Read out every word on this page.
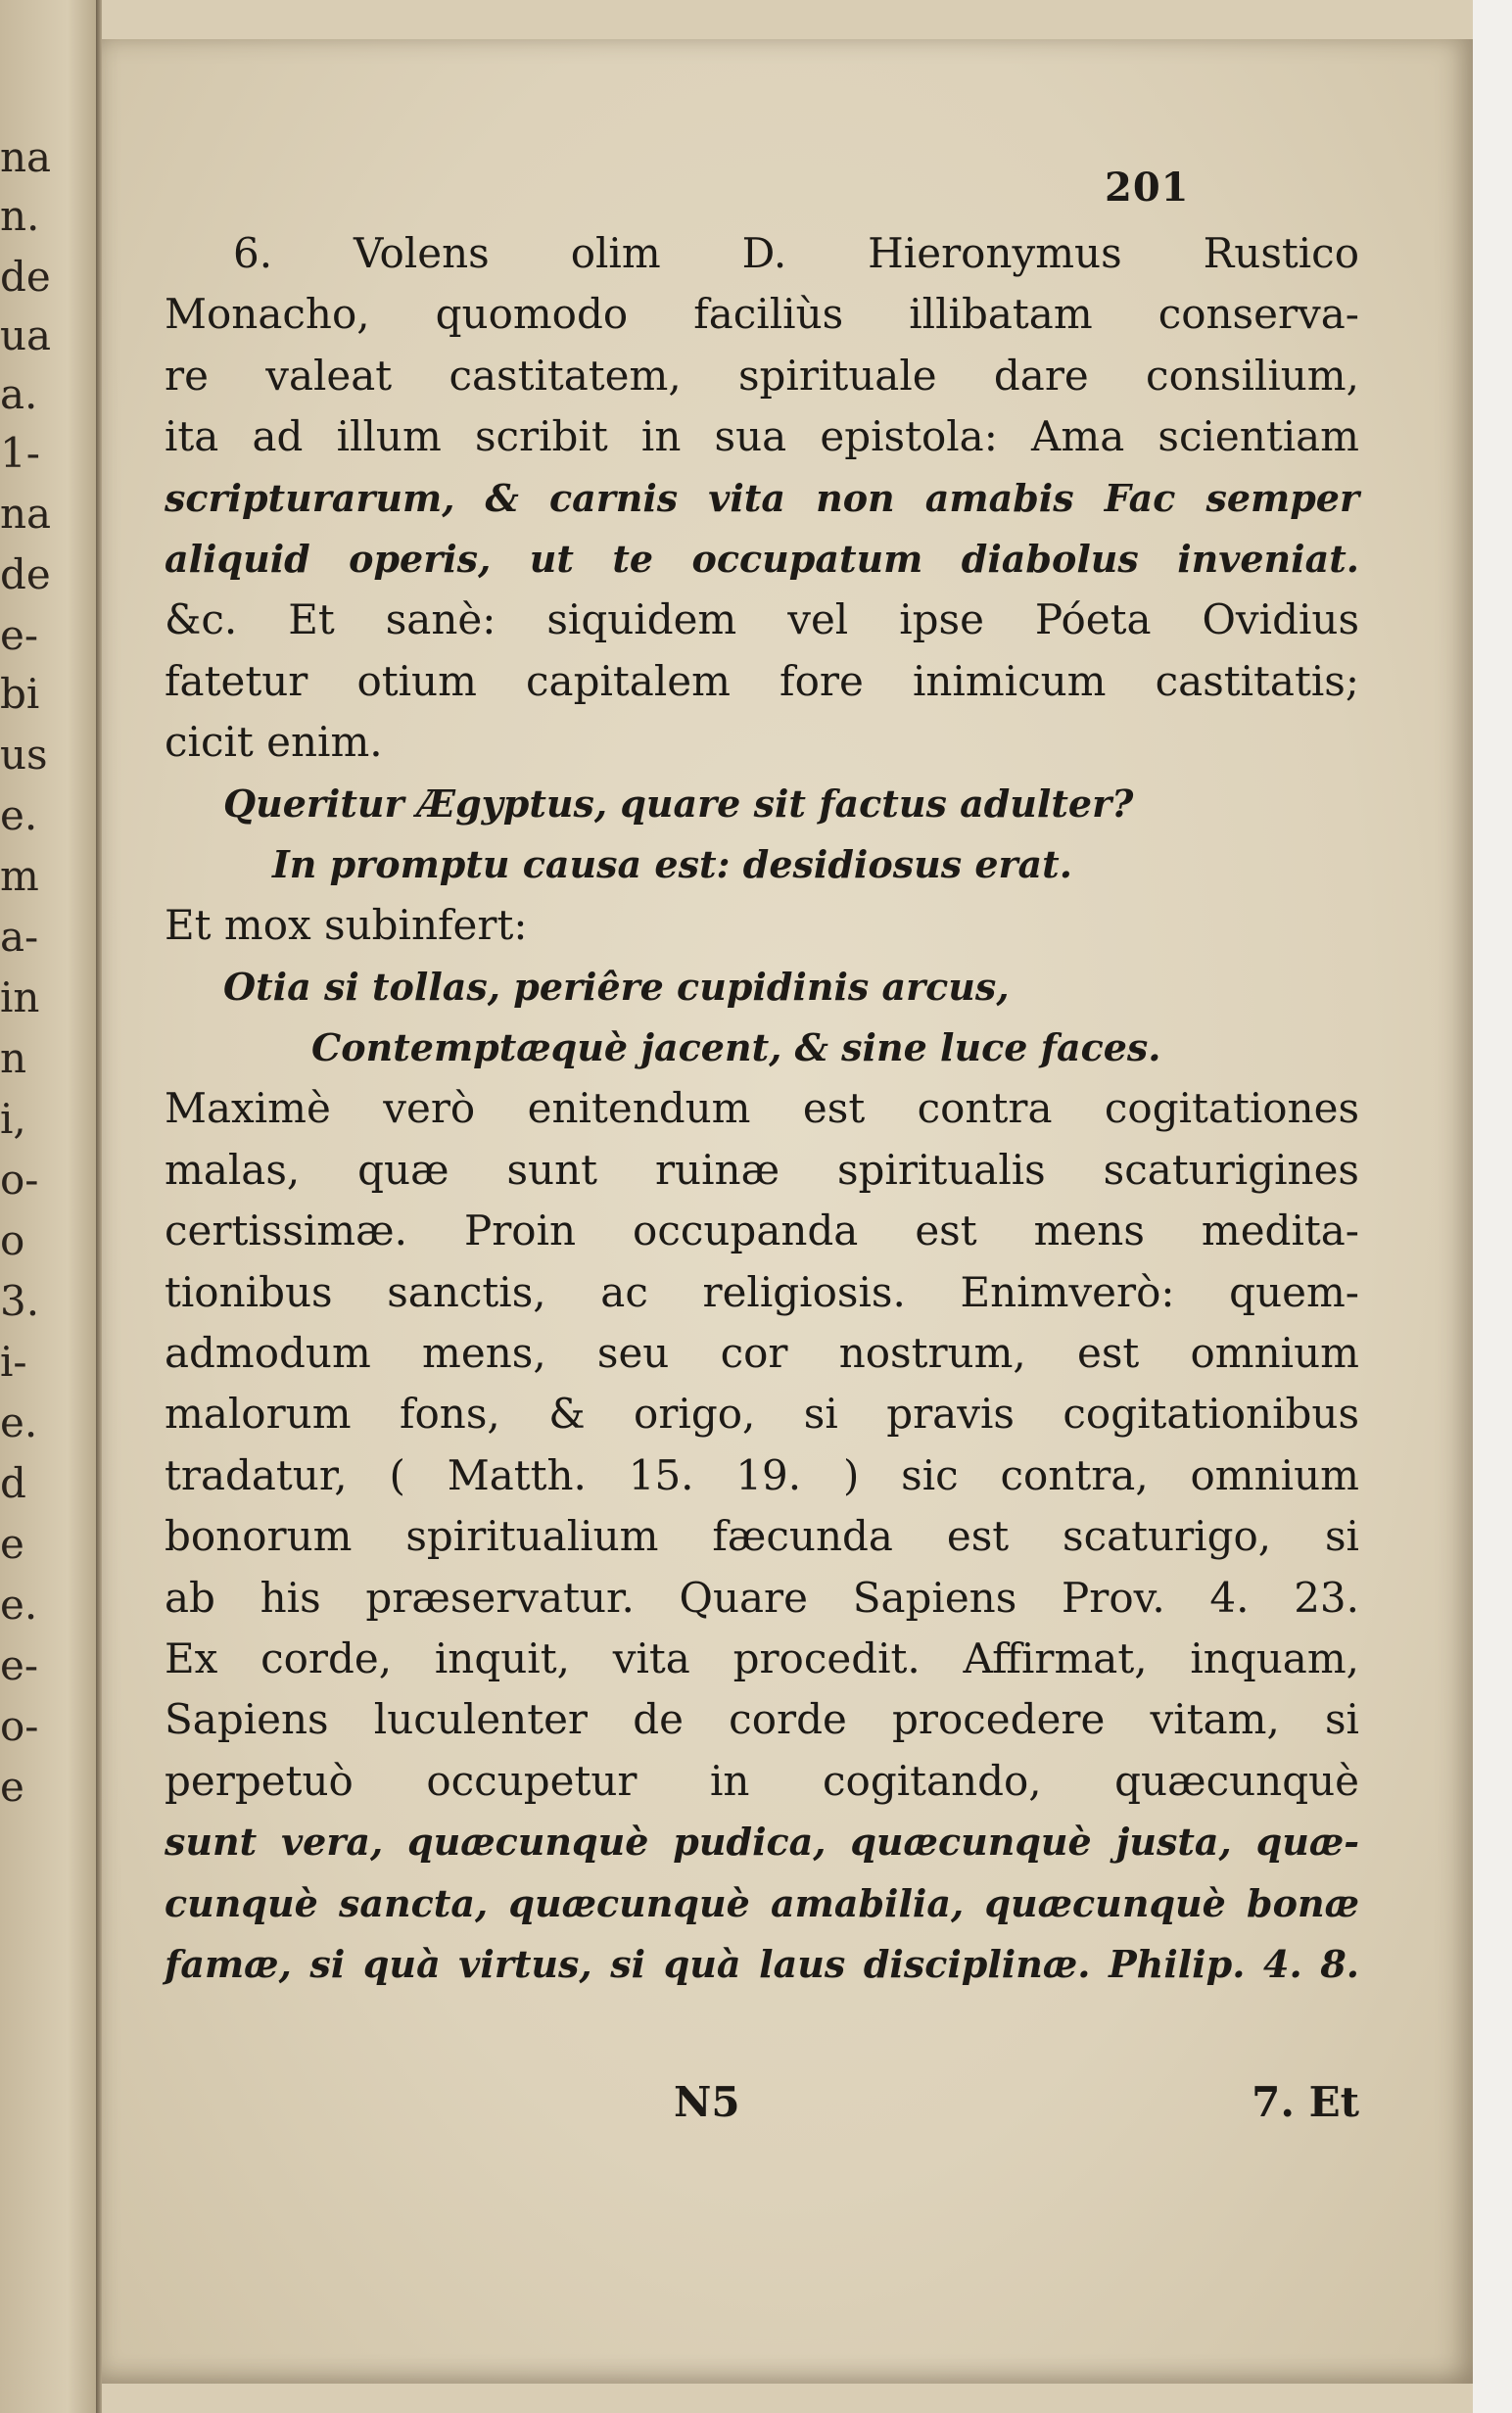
na
n.
de
ua
a.
1-
na
de
e-
bi
us
e.
m
a-
in
n
i,
o-
o
3.
i-
e.
d
e
e.
e-
o-
e
201
6. Volens olim D. Hieronymus Rustico
Monacho, quomodo faciliùs illibatam conserva-
re valeat castitatem, spirituale dare consilium,
ita ad illum scribit in sua epistola: Ama scientiam
scripturarum, & carnis vita non amabis Fac semper
aliquid operis, ut te occupatum diabolus inveniat.
&c. Et sanè: siquidem vel ipse Póeta Ovidius
fatetur otium capitalem fore inimicum castitatis;
cicit enim.
Queritur Ægyptus, quare sit factus adulter?
In promptu causa est: desidiosus erat.
Et mox subinfert:
Otia si tollas, periêre cupidinis arcus,
Contemptæquè jacent, & sine luce faces.
Maximè verò enitendum est contra cogitationes
malas, quæ sunt ruinæ spiritualis scaturigines
certissimæ. Proin occupanda est mens medita-
tionibus sanctis, ac religiosis. Enimverò: quem-
admodum mens, seu cor nostrum, est omnium
malorum fons, & origo, si pravis cogitationibus
tradatur, ( Matth. 15. 19. ) sic contra, omnium
bonorum spiritualium fæcunda est scaturigo, si
ab his præservatur. Quare Sapiens Prov. 4. 23.
Ex corde, inquit, vita procedit. Affirmat, inquam,
Sapiens luculenter de corde procedere vitam, si
perpetuò occupetur in cogitando, quæcunquè
sunt vera, quæcunquè pudica, quæcunquè justa, quæ-
cunquè sancta, quæcunquè amabilia, quæcunquè bonæ
famæ, si quà virtus, si quà laus disciplinæ. Philip. 4. 8.
N5	7. Et
